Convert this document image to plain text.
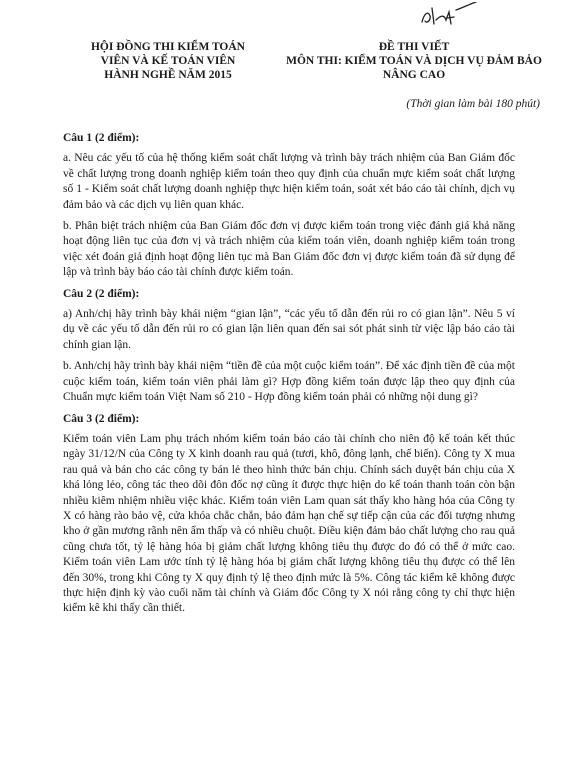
HỘI ĐỒNG THI KIỂM TOÁN
VIÊN VÀ KẾ TOÁN VIÊN
HÀNH NGHỀ NĂM 2015
ĐỀ THI VIẾT
MÔN THI: KIỂM TOÁN VÀ DỊCH VỤ ĐẢM BẢO
NÂNG CAO
(Thời gian làm bài 180 phút)

Câu 1 (2 điểm):

a. Nêu các yếu tố của hệ thống kiểm soát chất lượng và trình bày trách nhiệm của Ban Giám đốc về chất lượng trong doanh nghiệp kiểm toán theo quy định của chuẩn mực kiểm soát chất lượng số 1 - Kiểm soát chất lượng doanh nghiệp thực hiện kiểm toán, soát xét báo cáo tài chính, dịch vụ đảm bảo và các dịch vụ liên quan khác.

b. Phân biệt trách nhiệm của Ban Giám đốc đơn vị được kiểm toán trong việc đánh giá khả năng hoạt động liên tục của đơn vị và trách nhiệm của kiểm toán viên, doanh nghiệp kiểm toán trong việc xét đoán giả định hoạt động liên tục mà Ban Giám đốc đơn vị được kiểm toán đã sử dụng để lập và trình bày báo cáo tài chính được kiểm toán.

Câu 2 (2 điểm):

a) Anh/chị hãy trình bày khái niệm “gian lận”, “các yếu tố dẫn đến rủi ro có gian lận”. Nêu 5 ví dụ về các yếu tố dẫn đến rủi ro có gian lận liên quan đến sai sót phát sinh từ việc lập báo cáo tài chính gian lận.

b. Anh/chị hãy trình bày khái niệm “tiền đề của một cuộc kiểm toán”. Để xác định tiền đề của một cuộc kiểm toán, kiểm toán viên phải làm gì? Hợp đồng kiểm toán được lập theo quy định của Chuẩn mực kiểm toán Việt Nam số 210 - Hợp đồng kiểm toán phải có những nội dung gì?

Câu 3 (2 điểm):

Kiểm toán viên Lam phụ trách nhóm kiểm toán báo cáo tài chính cho niên độ kế toán kết thúc ngày 31/12/N của Công ty X kinh doanh rau quả (tươi, khô, đông lạnh, chế biến). Công ty X mua rau quả và bán cho các công ty bán lẻ theo hình thức bán chịu. Chính sách duyệt bán chịu của X khá lỏng lẻo, công tác theo dõi đôn đốc nợ cũng ít được thực hiện do kế toán thanh toán còn bận nhiều kiêm nhiệm nhiều việc khác. Kiểm toán viên Lam quan sát thấy kho hàng hóa của Công ty X có hàng rào bảo vệ, cửa khóa chắc chắn, bảo đảm hạn chế sự tiếp cận của các đối tượng nhưng kho ở gần mương rãnh nên ẩm thấp và có nhiều chuột. Điều kiện đảm bảo chất lượng cho rau quả cũng chưa tốt, tỷ lệ hàng hóa bị giảm chất lượng không tiêu thụ được do đó có thể ở mức cao. Kiểm toán viên Lam ước tính tỷ lệ hàng hóa bị giảm chất lượng không tiêu thụ được có thể lên đến 30%, trong khi Công ty X quy định tỷ lệ theo định mức là 5%. Công tác kiểm kê không được thực hiện định kỳ vào cuối năm tài chính và Giám đốc Công ty X nói rằng công ty chỉ thực hiện kiểm kê khi thấy cần thiết.
